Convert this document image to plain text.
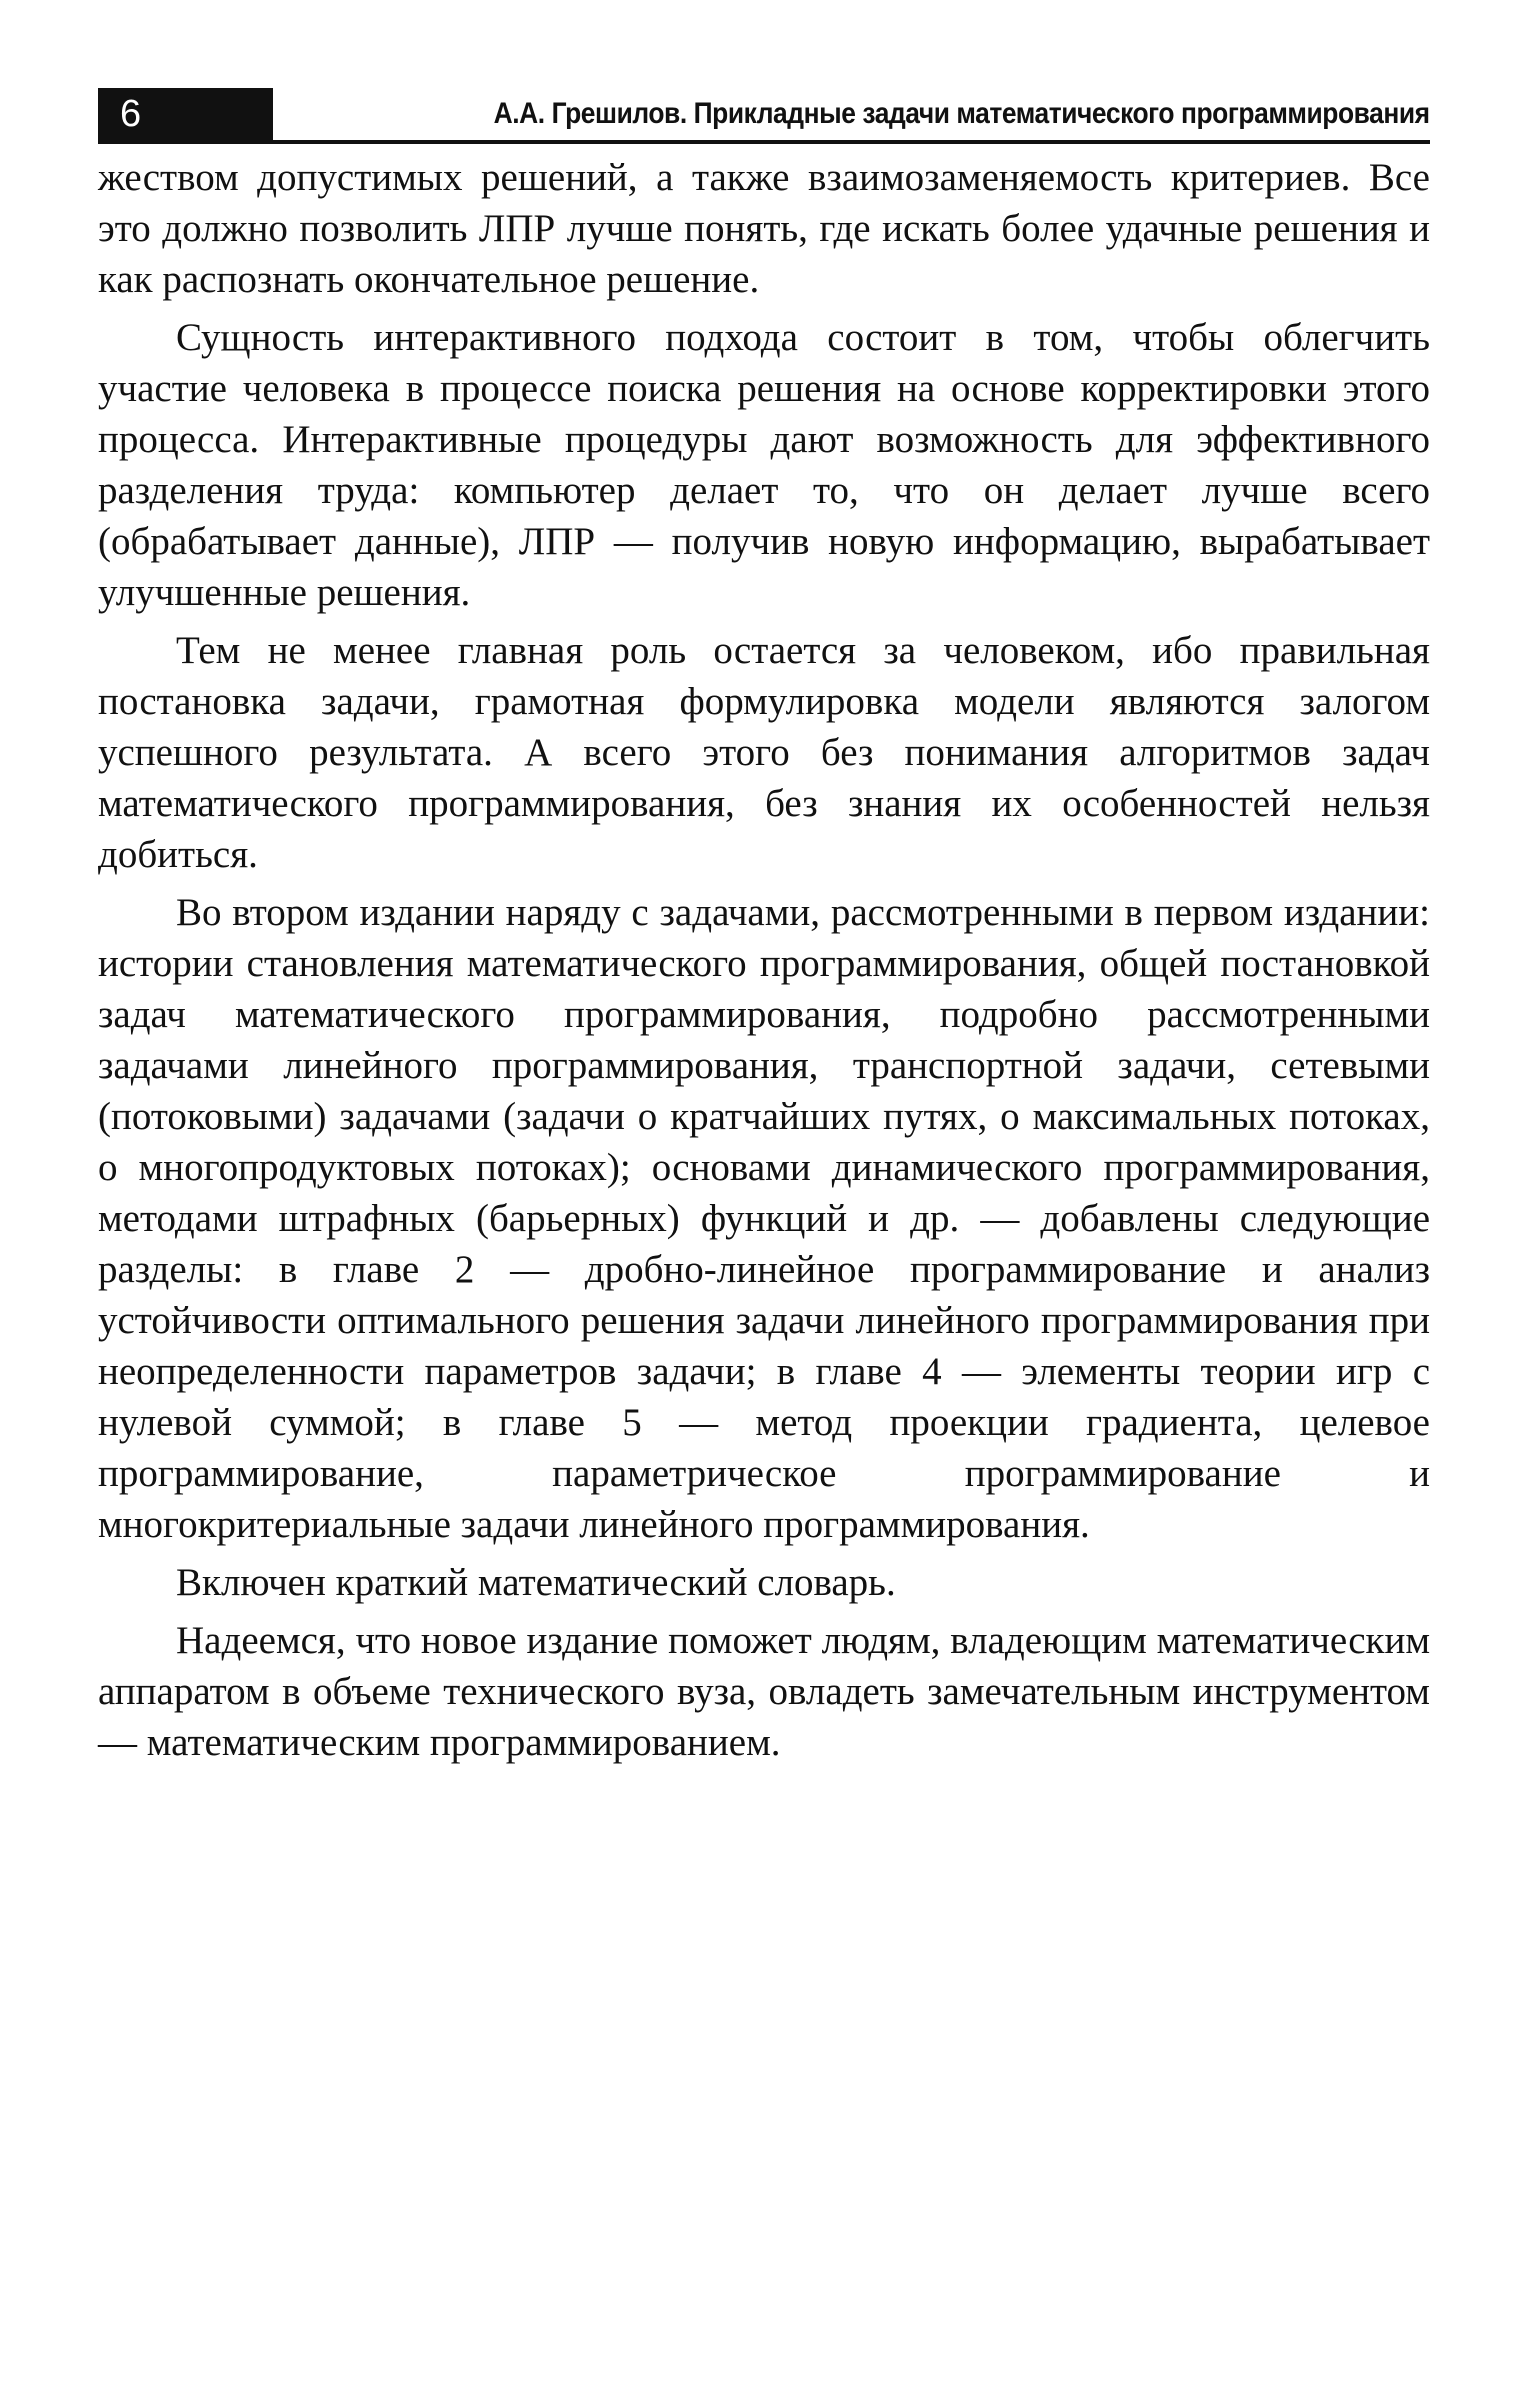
6	А.А. Грешилов. Прикладные задачи математического программирования

жеством допустимых решений, а также взаимозаменяемость критериев. Все это должно позволить ЛПР лучше понять, где искать более удачные решения и как распознать окончательное решение.

Сущность интерактивного подхода состоит в том, чтобы облегчить участие человека в процессе поиска решения на основе корректировки этого процесса. Интерактивные процедуры дают возможность для эффективного разделения труда: компьютер делает то, что он делает лучше всего (обрабатывает данные), ЛПР — получив новую информацию, вырабатывает улучшенные решения.

Тем не менее главная роль остается за человеком, ибо правильная постановка задачи, грамотная формулировка модели являются залогом успешного результата. А всего этого без понимания алгоритмов задач математического программирования, без знания их особенностей нельзя добиться.

Во втором издании наряду с задачами, рассмотренными в первом издании: истории становления математического программирования, общей постановкой задач математического программирования, подробно рассмотренными задачами линейного программирования, транспортной задачи, сетевыми (потоковыми) задачами (задачи о кратчайших путях, о максимальных потоках, о многопродуктовых потоках); основами динамического программирования, методами штрафных (барьерных) функций и др. — добавлены следующие разделы: в главе 2 — дробно-линейное программирование и анализ устойчивости оптимального решения задачи линейного программирования при неопределенности параметров задачи; в главе 4 — элементы теории игр с нулевой суммой; в главе 5 — метод проекции градиента, целевое программирование, параметрическое программирование и многокритериальные задачи линейного программирования.

Включен краткий математический словарь.

Надеемся, что новое издание поможет людям, владеющим математическим аппаратом в объеме технического вуза, овладеть замечательным инструментом — математическим программированием.
